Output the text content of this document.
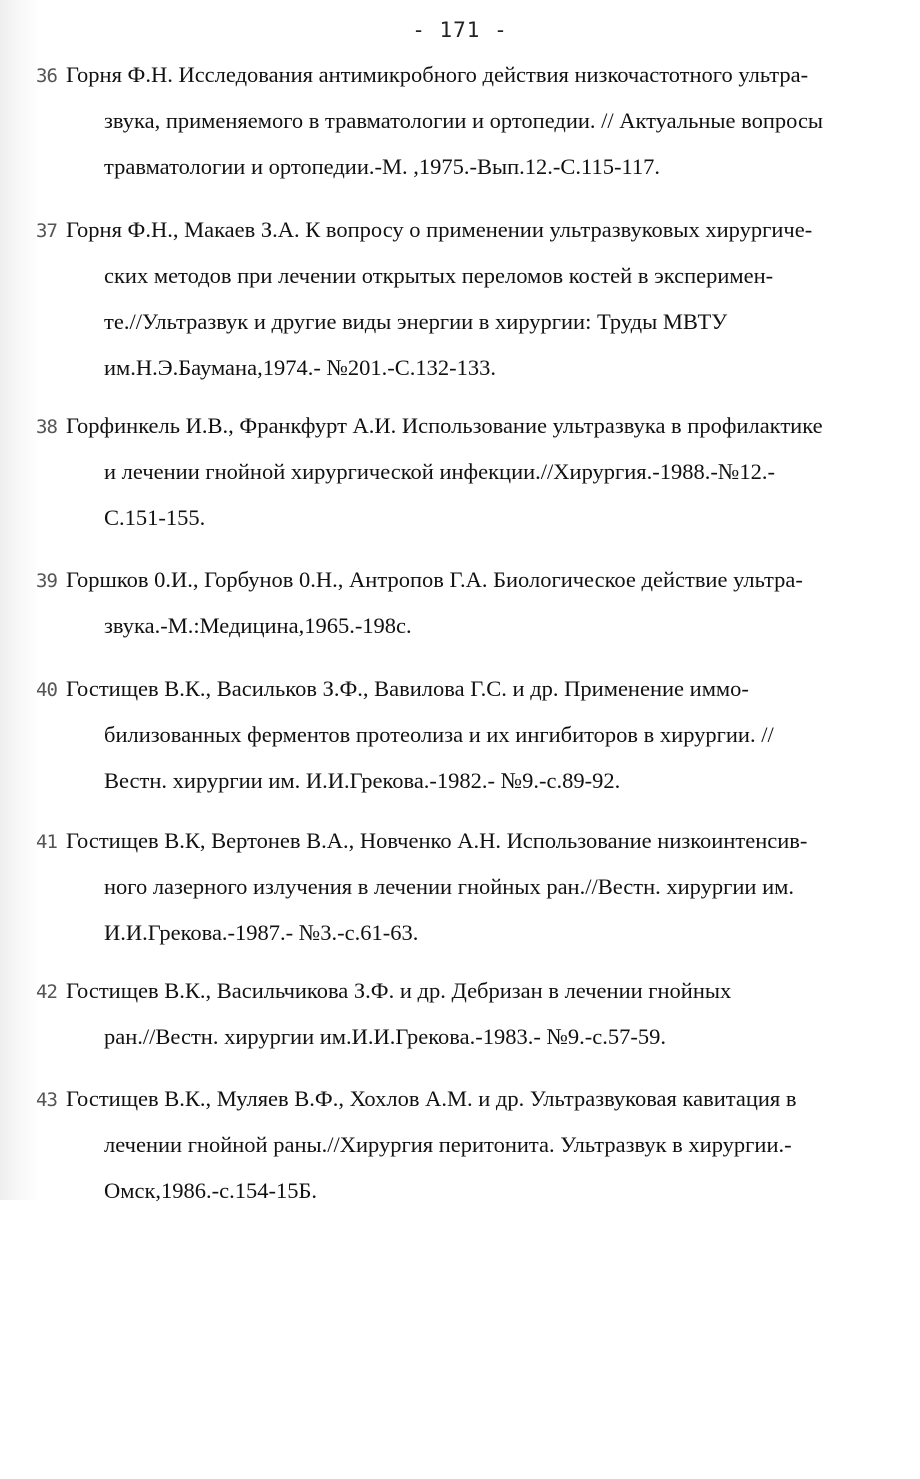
- 171 -
36 Горня Ф.Н. Исследования антимикробного действия низкочастотного ультра-
звука, применяемого в травматологии и ортопедии. // Актуальные вопросы
травматологии и ортопедии.-М. ,1975.-Вып.12.-С.115-117.
37 Горня Ф.Н., Макаев З.А. К вопросу о применении ультразвуковых хирургиче-
ских методов при лечении открытых переломов костей в эксперимен-
те.//Ультразвук и другие виды энергии в хирургии: Труды МВТУ
им.Н.Э.Баумана,1974.- №201.-С.132-133.
38 Горфинкель И.В., Франкфурт А.И. Использование ультразвука в профилактике
и лечении гнойной хирургической инфекции.//Хирургия.-1988.-№12.-
С.151-155.
39 Горшков 0.И., Горбунов 0.Н., Антропов Г.А. Биологическое действие ультра-
звука.-М.:Медицина,1965.-198с.
40 Гостищев В.К., Васильков З.Ф., Вавилова Г.С. и др. Применение иммо-
билизованных ферментов протеолиза и их ингибиторов в хирургии. //
Вестн. хирургии им. И.И.Грекова.-1982.- №9.-с.89-92.
41 Гостищев В.К, Вертонев В.А., Новченко А.Н. Использование низкоинтенсив-
ного лазерного излучения в лечении гнойных ран.//Вестн. хирургии им.
И.И.Грекова.-1987.- №3.-с.61-63.
42 Гостищев В.К., Васильчикова З.Ф. и др. Дебризан в лечении гнойных
ран.//Вестн. хирургии им.И.И.Грекова.-1983.- №9.-с.57-59.
43 Гостищев В.К., Муляев В.Ф., Хохлов А.М. и др. Ультразвуковая кавитация в
лечении гнойной раны.//Хирургия перитонита. Ультразвук в хирургии.-
Омск,1986.-с.154-15Б.
